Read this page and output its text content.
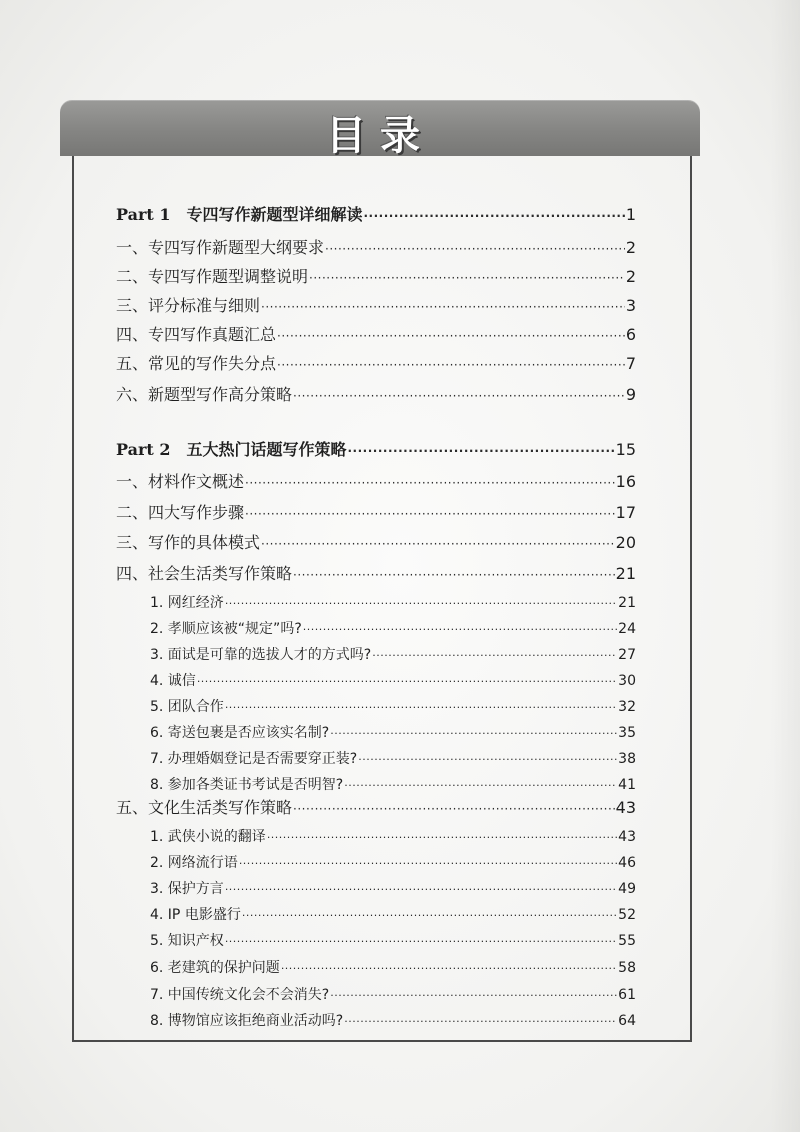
目录
Part 1　专四写作新题型详细解读 ·····	1
一、专四写作新题型大纲要求 ·····	2
二、专四写作题型调整说明 ·····	2
三、评分标准与细则 ·····	3
四、专四写作真题汇总 ·····	6
五、常见的写作失分点 ·····	7
六、新题型写作高分策略 ·····	9
Part 2　五大热门话题写作策略 ·····	15
一、材料作文概述 ·····	16
二、四大写作步骤 ·····	17
三、写作的具体模式 ·····	20
四、社会生活类写作策略 ·····	21
1. 网红经济 ·····	21
2. 孝顺应该被“规定”吗? ·····	24
3. 面试是可靠的选拔人才的方式吗? ·····	27
4. 诚信 ·····	30
5. 团队合作 ·····	32
6. 寄送包裹是否应该实名制? ·····	35
7. 办理婚姻登记是否需要穿正装? ·····	38
8. 参加各类证书考试是否明智? ·····	41
五、文化生活类写作策略 ·····	43
1. 武侠小说的翻译 ·····	43
2. 网络流行语 ·····	46
3. 保护方言 ·····	49
4. IP 电影盛行 ·····	52
5. 知识产权 ·····	55
6. 老建筑的保护问题 ·····	58
7. 中国传统文化会不会消失? ·····	61
8. 博物馆应该拒绝商业活动吗? ·····	64
